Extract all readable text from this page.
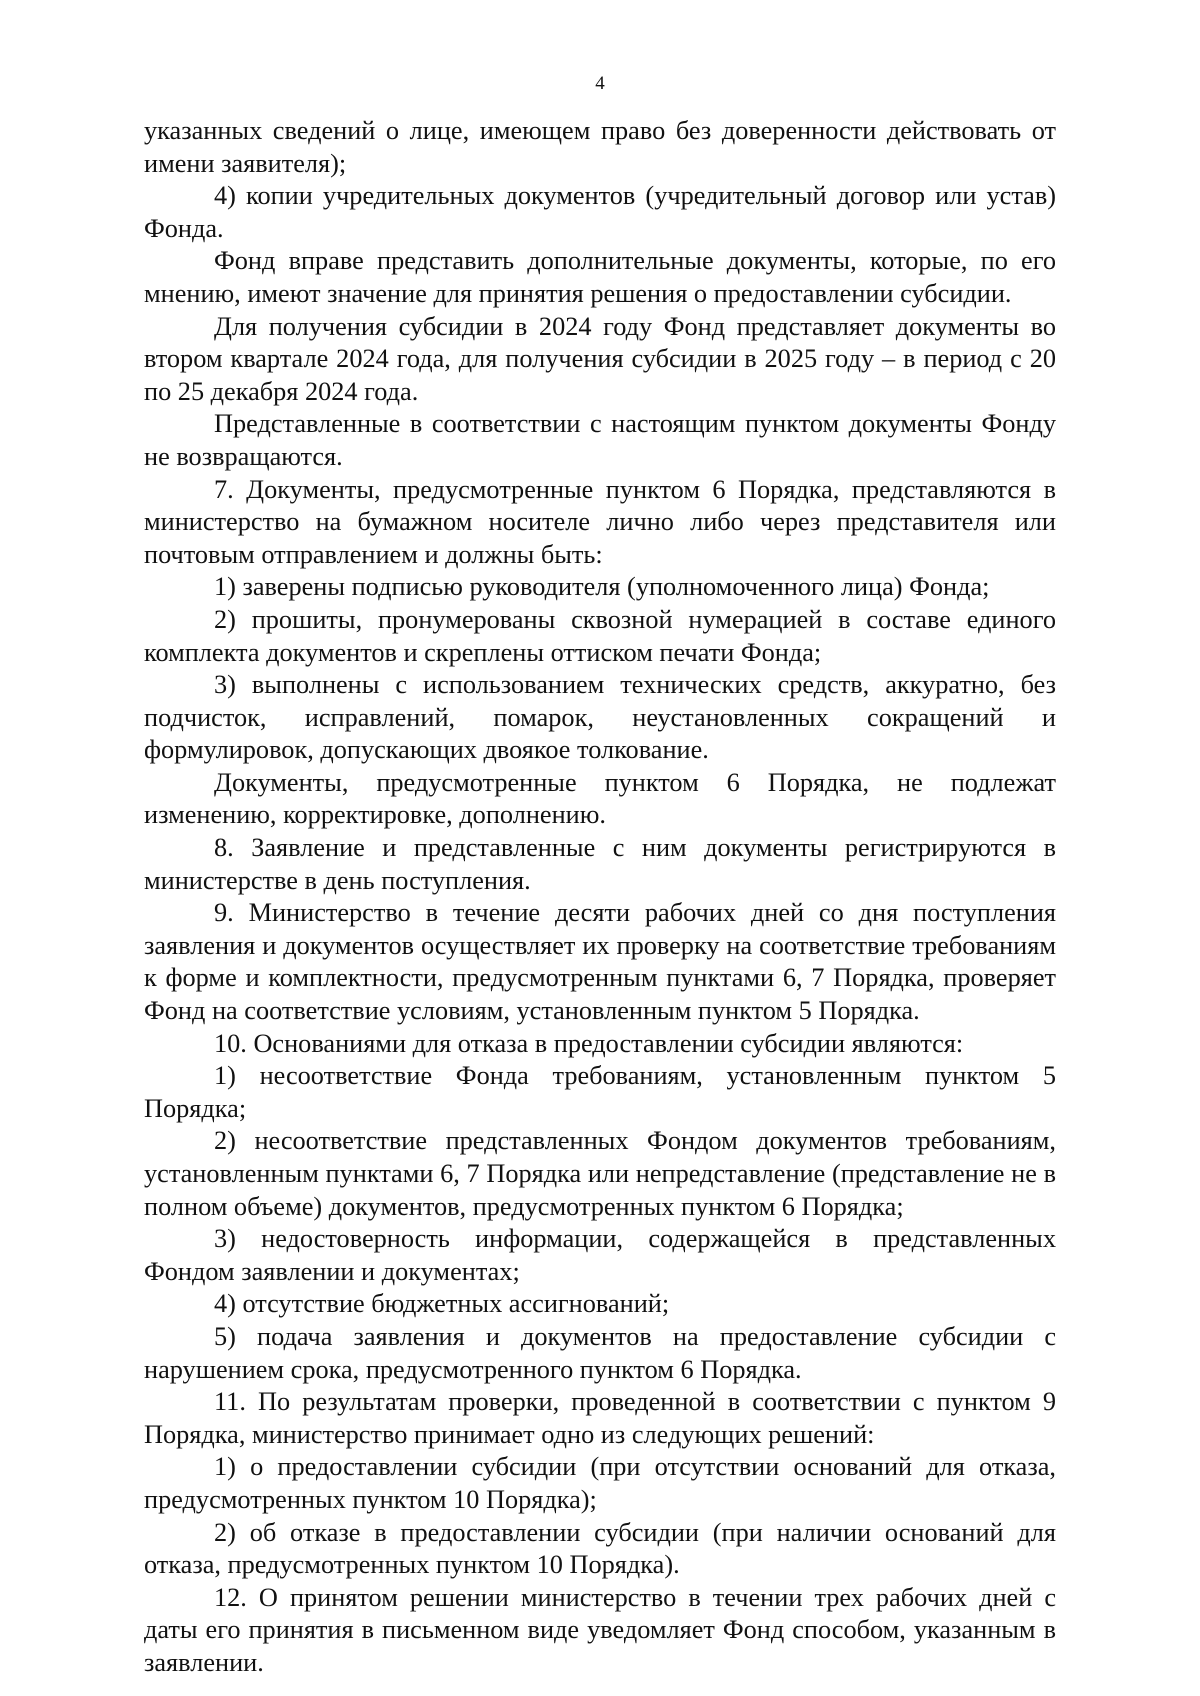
4

указанных сведений о лице, имеющем право без доверенности действовать от имени заявителя);

4) копии учредительных документов (учредительный договор или устав) Фонда.

Фонд вправе представить дополнительные документы, которые, по его мнению, имеют значение для принятия решения о предоставлении субсидии.

Для получения субсидии в 2024 году Фонд представляет документы во втором квартале 2024 года, для получения субсидии в 2025 году – в период с 20 по 25 декабря 2024 года.

Представленные в соответствии с настоящим пунктом документы Фонду не возвращаются.

7. Документы, предусмотренные пунктом 6 Порядка, представляются в министерство на бумажном носителе лично либо через представителя или почтовым отправлением и должны быть:

1) заверены подписью руководителя (уполномоченного лица) Фонда;

2) прошиты, пронумерованы сквозной нумерацией в составе единого комплекта документов и скреплены оттиском печати Фонда;

3) выполнены с использованием технических средств, аккуратно, без подчисток, исправлений, помарок, неустановленных сокращений и формулировок, допускающих двоякое толкование.

Документы, предусмотренные пунктом 6 Порядка, не подлежат изменению, корректировке, дополнению.

8. Заявление и представленные с ним документы регистрируются в министерстве в день поступления.

9. Министерство в течение десяти рабочих дней со дня поступления заявления и документов осуществляет их проверку на соответствие требованиям к форме и комплектности, предусмотренным пунктами 6, 7 Порядка, проверяет Фонд на соответствие условиям, установленным пунктом 5 Порядка.

10. Основаниями для отказа в предоставлении субсидии являются:

1) несоответствие Фонда требованиям, установленным пунктом 5 Порядка;

2) несоответствие представленных Фондом документов требованиям, установленным пунктами 6, 7 Порядка или непредставление (представление не в полном объеме) документов, предусмотренных пунктом 6 Порядка;

3) недостоверность информации, содержащейся в представленных Фондом заявлении и документах;

4) отсутствие бюджетных ассигнований;

5) подача заявления и документов на предоставление субсидии с нарушением срока, предусмотренного пунктом 6 Порядка.

11. По результатам проверки, проведенной в соответствии с пунктом 9 Порядка, министерство принимает одно из следующих решений:

1) о предоставлении субсидии (при отсутствии оснований для отказа, предусмотренных пунктом 10 Порядка);

2) об отказе в предоставлении субсидии (при наличии оснований для отказа, предусмотренных пунктом 10 Порядка).

12. О принятом решении министерство в течении трех рабочих дней с даты его принятия в письменном виде уведомляет Фонд способом, указанным в заявлении.
